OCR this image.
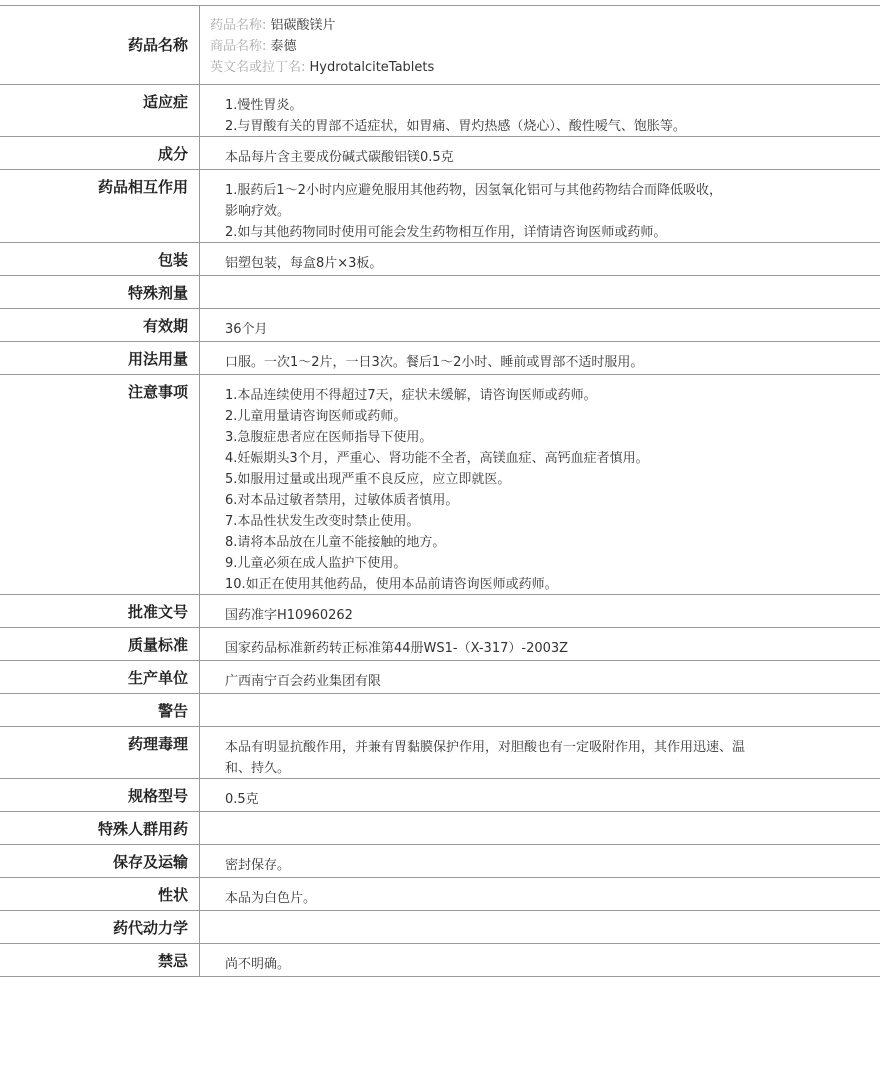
药品名称
药品名称: 铝碳酸镁片
商品名称: 泰德
英文名或拉丁名: HydrotalciteTablets
适应症	1.慢性胃炎。
2.与胃酸有关的胃部不适症状，如胃痛、胃灼热感（烧心）、酸性嗳气、饱胀等。
成分	本品每片含主要成份碱式碳酸铝镁0.5克
药品相互作用	1.服药后1～2小时内应避免服用其他药物，因氢氧化铝可与其他药物结合而降低吸收，
影响疗效。
2.如与其他药物同时使用可能会发生药物相互作用，详情请咨询医师或药师。
包装	铝塑包装，每盒8片×3板。
特殊剂量
有效期	36个月
用法用量	口服。一次1～2片，一日3次。餐后1～2小时、睡前或胃部不适时服用。
注意事项	1.本品连续使用不得超过7天，症状未缓解，请咨询医师或药师。
2.儿童用量请咨询医师或药师。
3.急腹症患者应在医师指导下使用。
4.妊娠期头3个月，严重心、肾功能不全者，高镁血症、高钙血症者慎用。
5.如服用过量或出现严重不良反应，应立即就医。
6.对本品过敏者禁用，过敏体质者慎用。
7.本品性状发生改变时禁止使用。
8.请将本品放在儿童不能接触的地方。
9.儿童必须在成人监护下使用。
10.如正在使用其他药品，使用本品前请咨询医师或药师。
批准文号	国药准字H10960262
质量标准	国家药品标准新药转正标准第44册WS1-（X-317）-2003Z
生产单位	广西南宁百会药业集团有限
警告
药理毒理	本品有明显抗酸作用，并兼有胃黏膜保护作用，对胆酸也有一定吸附作用，其作用迅速、温
和、持久。
规格型号	0.5克
特殊人群用药
保存及运输	密封保存。
性状	本品为白色片。
药代动力学
禁忌	尚不明确。
